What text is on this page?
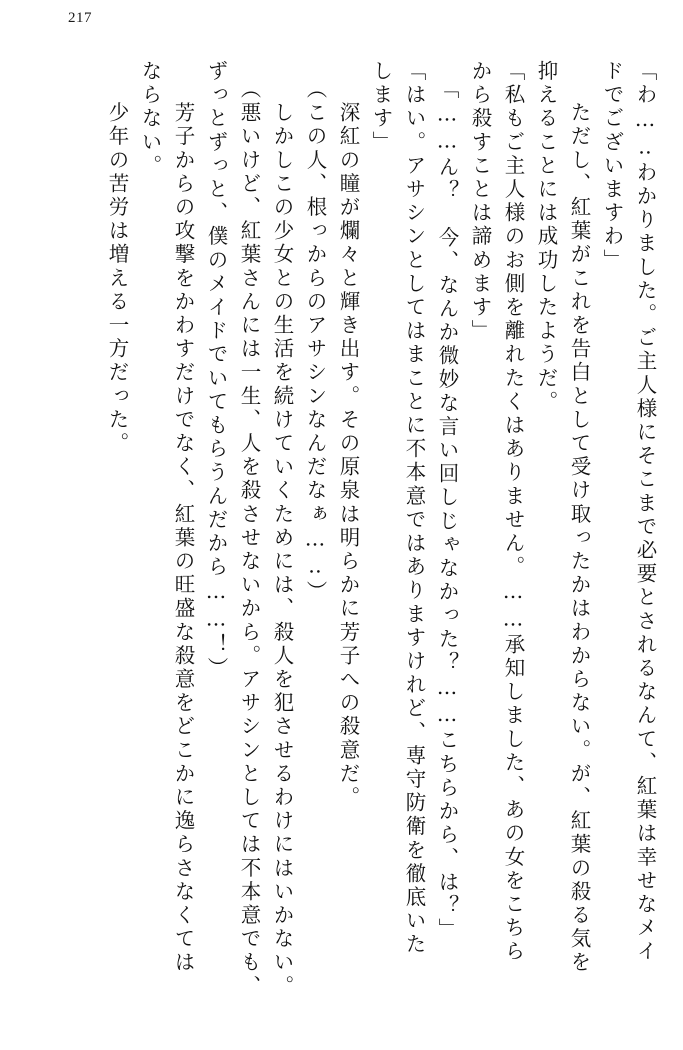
217
「わ…‥わかりました。ご主人様にそこまで必要とされるなんて、紅葉は幸せなメイ
ドでございますわ」
　ただし、紅葉がこれを告白として受け取ったかはわからない。が、紅葉の殺る気を
抑えることには成功したようだ。
「私もご主人様のお側を離れたくはありません。……承知しました、あの女をこちら
から殺すことは諦めます」
「……ん？　今、なんか微妙な言い回しじゃなかった？……こちらから、は？」
「はい。アサシンとしてはまことに不本意ではありますけれど、専守防衛を徹底いた
します」
　深紅の瞳が爛々と輝き出す。その原泉は明らかに芳子への殺意だ。
（この人、根っからのアサシンなんだなぁ…‥）
　しかしこの少女との生活を続けていくためには、殺人を犯させるわけにはいかない。
（悪いけど、紅葉さんには一生、人を殺させないから。アサシンとしては不本意でも、
ずっとずっと、僕のメイドでいてもらうんだから……！）
　芳子からの攻撃をかわすだけでなく、紅葉の旺盛な殺意をどこかに逸らさなくては
ならない。
　少年の苦労は増える一方だった。
